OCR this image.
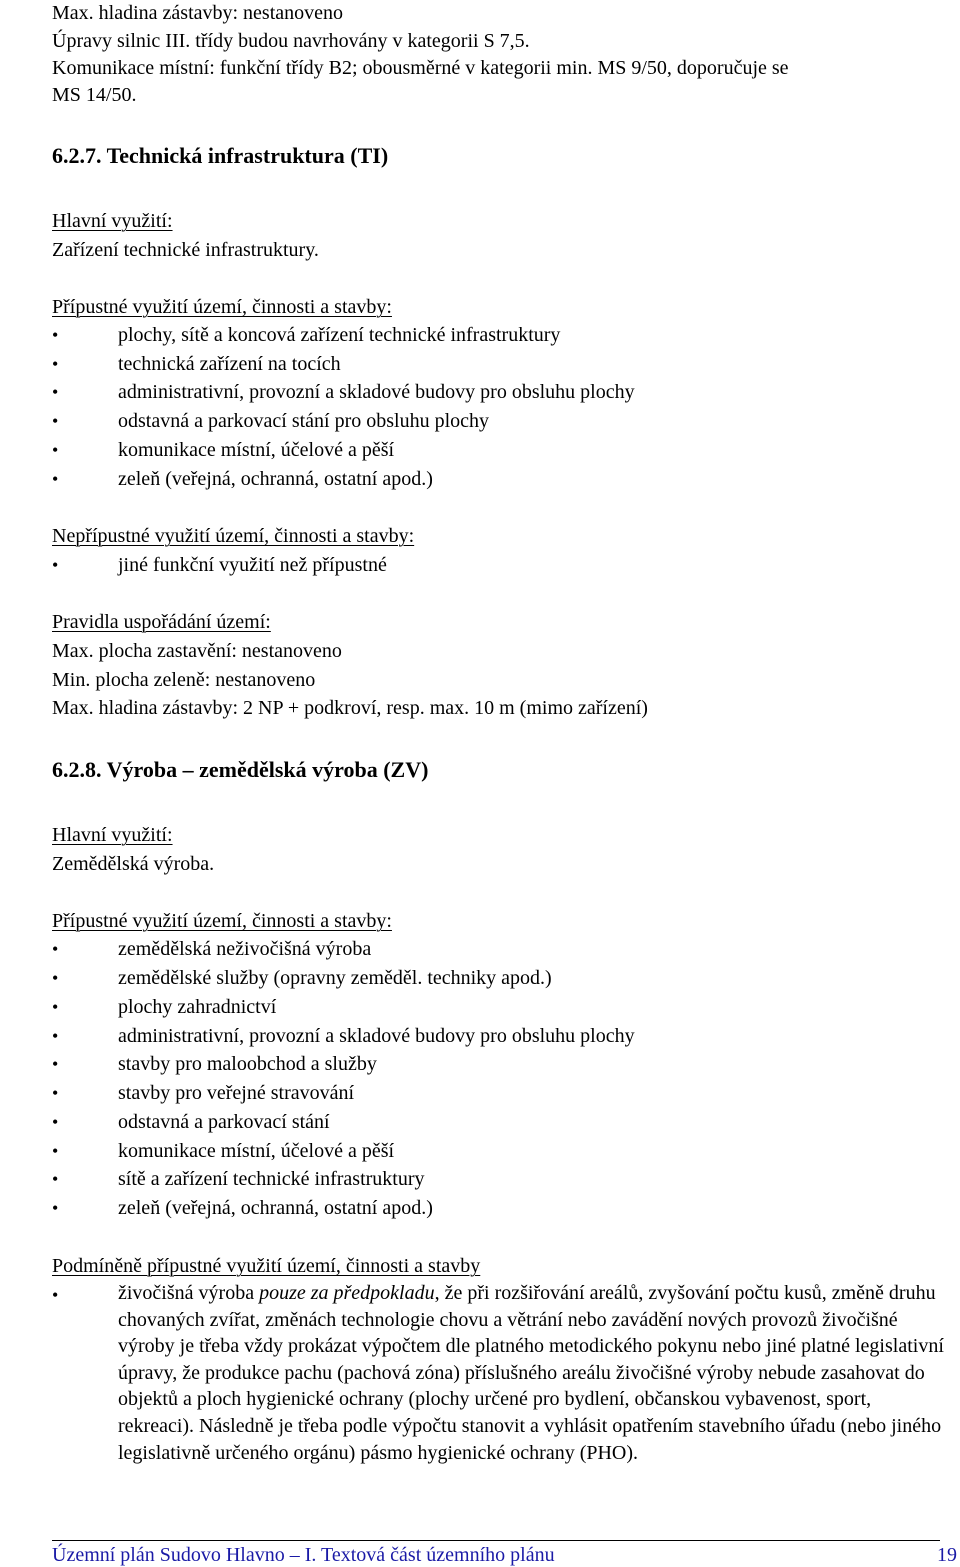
Max. hladina zástavby: nestanoveno
Úpravy silnic III. třídy budou navrhovány v kategorii S 7,5.
Komunikace místní: funkční třídy B2; obousměrné v kategorii min. MS 9/50, doporučuje se
MS 14/50.
6.2.7. Technická infrastruktura (TI)
Hlavní využití:
Zařízení technické infrastruktury.
Přípustné využití území, činnosti a stavby:
•	plochy, sítě a koncová zařízení technické infrastruktury
•	technická zařízení na tocích
•	administrativní, provozní a skladové budovy pro obsluhu plochy
•	odstavná a parkovací stání pro obsluhu plochy
•	komunikace místní, účelové a pěší
•	zeleň (veřejná, ochranná, ostatní apod.)
Nepřípustné využití území, činnosti a stavby:
•	jiné funkční využití než přípustné
Pravidla uspořádání území:
Max. plocha zastavění: nestanoveno
Min. plocha zeleně: nestanoveno
Max. hladina zástavby: 2 NP + podkroví, resp. max. 10 m (mimo zařízení)
6.2.8. Výroba – zemědělská výroba (ZV)
Hlavní využití:
Zemědělská výroba.
Přípustné využití území, činnosti a stavby:
•	zemědělská neživočišná výroba
•	zemědělské služby (opravny zeměděl. techniky apod.)
•	plochy zahradnictví
•	administrativní, provozní a skladové budovy pro obsluhu plochy
•	stavby pro maloobchod a služby
•	stavby pro veřejné stravování
•	odstavná a parkovací stání
•	komunikace místní, účelové a pěší
•	sítě a zařízení technické infrastruktury
•	zeleň (veřejná, ochranná, ostatní apod.)
Podmíněně přípustné využití území, činnosti a stavby
•	živočišná výroba pouze za předpokladu, že při rozšiřování areálů, zvyšování počtu kusů, změně druhu chovaných zvířat, změnách technologie chovu a větrání nebo zavádění nových provozů živočišné výroby je třeba vždy prokázat výpočtem dle platného metodického pokynu nebo jiné platné legislativní úpravy, že produkce pachu (pachová zóna) příslušného areálu živočišné výroby nebude zasahovat do objektů a ploch hygienické ochrany (plochy určené pro bydlení, občanskou vybavenost, sport, rekreaci). Následně je třeba podle výpočtu stanovit a vyhlásit opatřením stavebního úřadu (nebo jiného legislativně určeného orgánu) pásmo hygienické ochrany (PHO).
Územní plán Sudovo Hlavno – I. Textová část územního plánu	19
